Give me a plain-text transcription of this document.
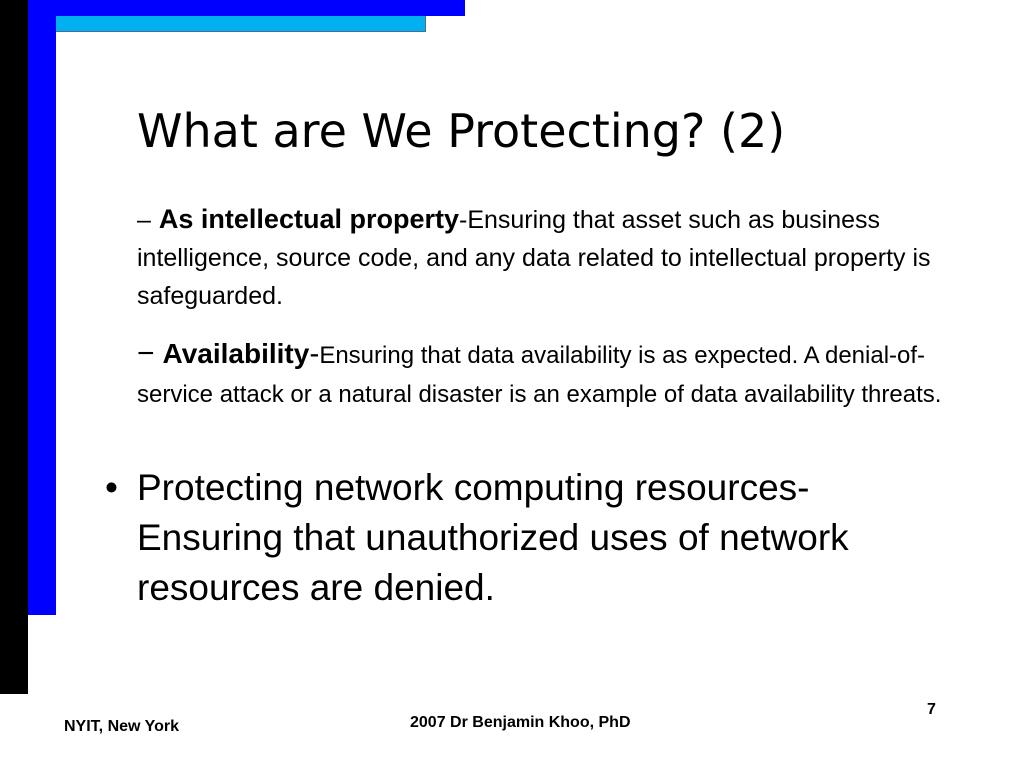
What are We Protecting? (2)
– As intellectual property-Ensuring that asset such as business intelligence, source code, and any data related to intellectual property is safeguarded.
− Availability-Ensuring that data availability is as expected. A denial-of-service attack or a natural disaster is an example of data availability threats.
• Protecting network computing resources- Ensuring that unauthorized uses of network resources are denied.
NYIT, New York	2007 Dr Benjamin Khoo, PhD
7
